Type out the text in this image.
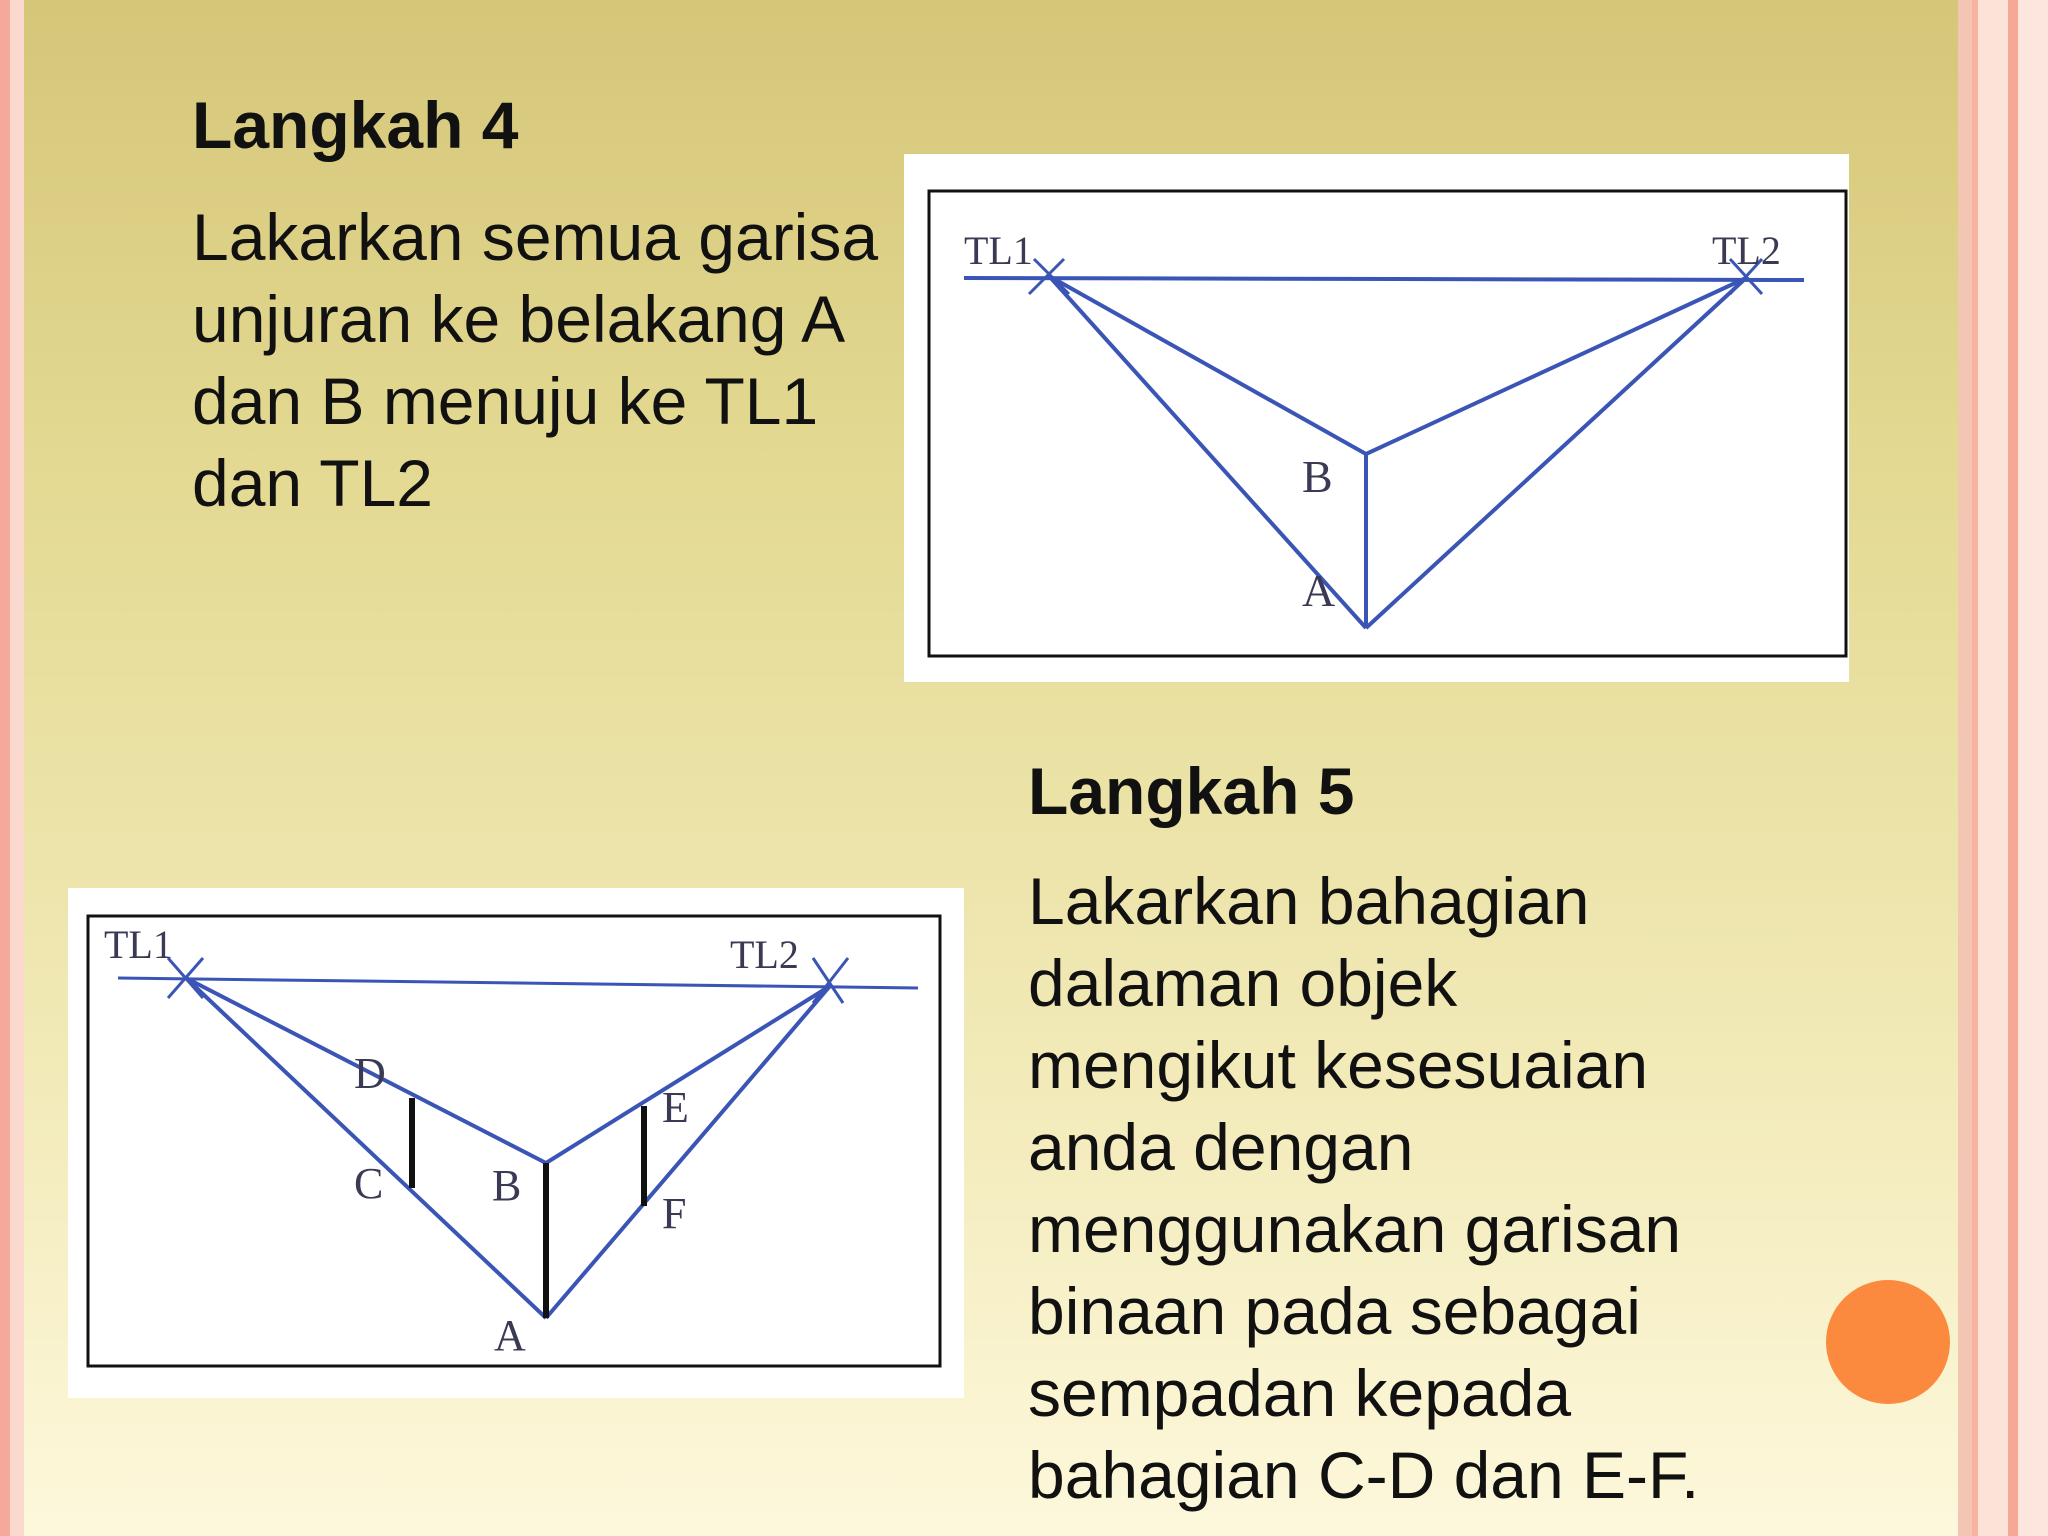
Langkah 4
Lakarkan semua garisa
unjuran ke belakang A
dan B menuju ke TL1
dan TL2
TL1	TL2
B
A
Langkah 5
Lakarkan bahagian
dalaman objek
mengikut kesesuaian
anda dengan
menggunakan garisan
binaan pada sebagai
sempadan kepada
bahagian C-D dan E-F.
TL1	TL2
D
C B
A
E
F
